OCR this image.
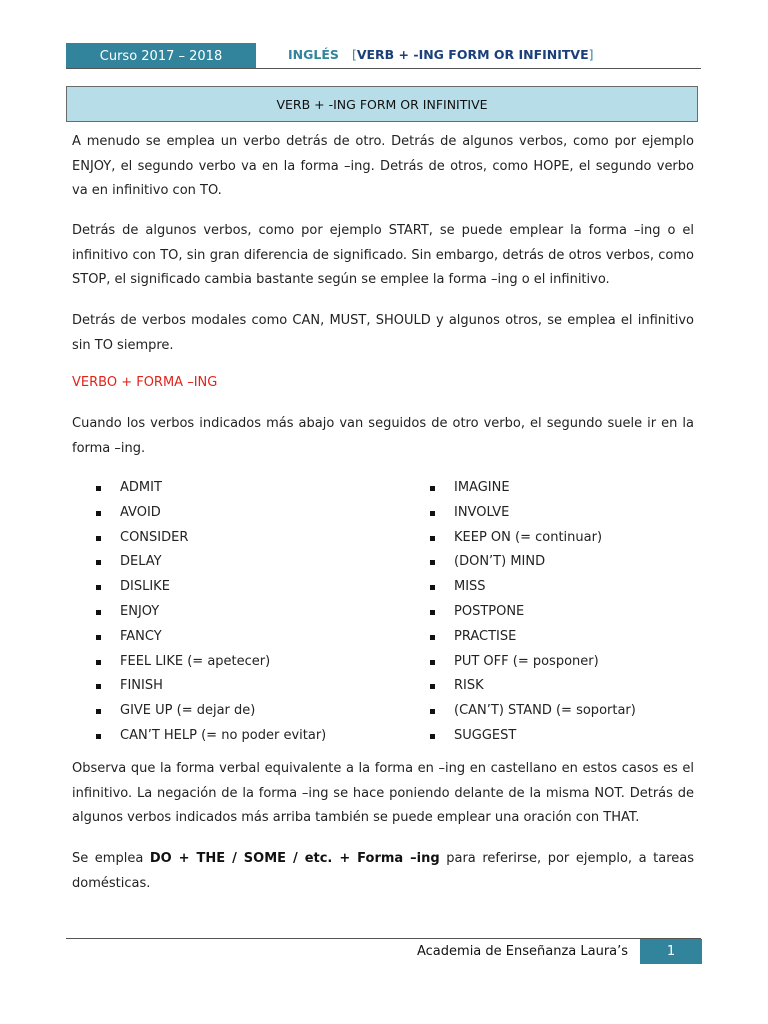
Curso 2017 – 2018	INGLÉS [VERB + -ING FORM OR INFINITVE]
VERB + -ING FORM OR INFINITIVE
A menudo se emplea un verbo detrás de otro. Detrás de algunos verbos, como por ejemplo ENJOY, el segundo verbo va en la forma –ing. Detrás de otros, como HOPE, el segundo verbo va en infinitivo con TO.
Detrás de algunos verbos, como por ejemplo START, se puede emplear la forma –ing o el infinitivo con TO, sin gran diferencia de significado. Sin embargo, detrás de otros verbos, como STOP, el significado cambia bastante según se emplee la forma –ing o el infinitivo.
Detrás de verbos modales como CAN, MUST, SHOULD y algunos otros, se emplea el infinitivo sin TO siempre.
VERBO + FORMA –ING
Cuando los verbos indicados más abajo van seguidos de otro verbo, el segundo suele ir en la forma –ing.
ADMIT
AVOID
CONSIDER
DELAY
DISLIKE
ENJOY
FANCY
FEEL LIKE (= apetecer)
FINISH
GIVE UP (= dejar de)
CAN’T HELP (= no poder evitar)
IMAGINE
INVOLVE
KEEP ON (= continuar)
(DON’T) MIND
MISS
POSTPONE
PRACTISE
PUT OFF (= posponer)
RISK
(CAN’T) STAND (= soportar)
SUGGEST
Observa que la forma verbal equivalente a la forma en –ing en castellano en estos casos es el infinitivo. La negación de la forma –ing se hace poniendo delante de la misma NOT. Detrás de algunos verbos indicados más arriba también se puede emplear una oración con THAT.
Se emplea DO + THE / SOME / etc. + Forma –ing para referirse, por ejemplo, a tareas domésticas.
Academia de Enseñanza Laura’s	1
